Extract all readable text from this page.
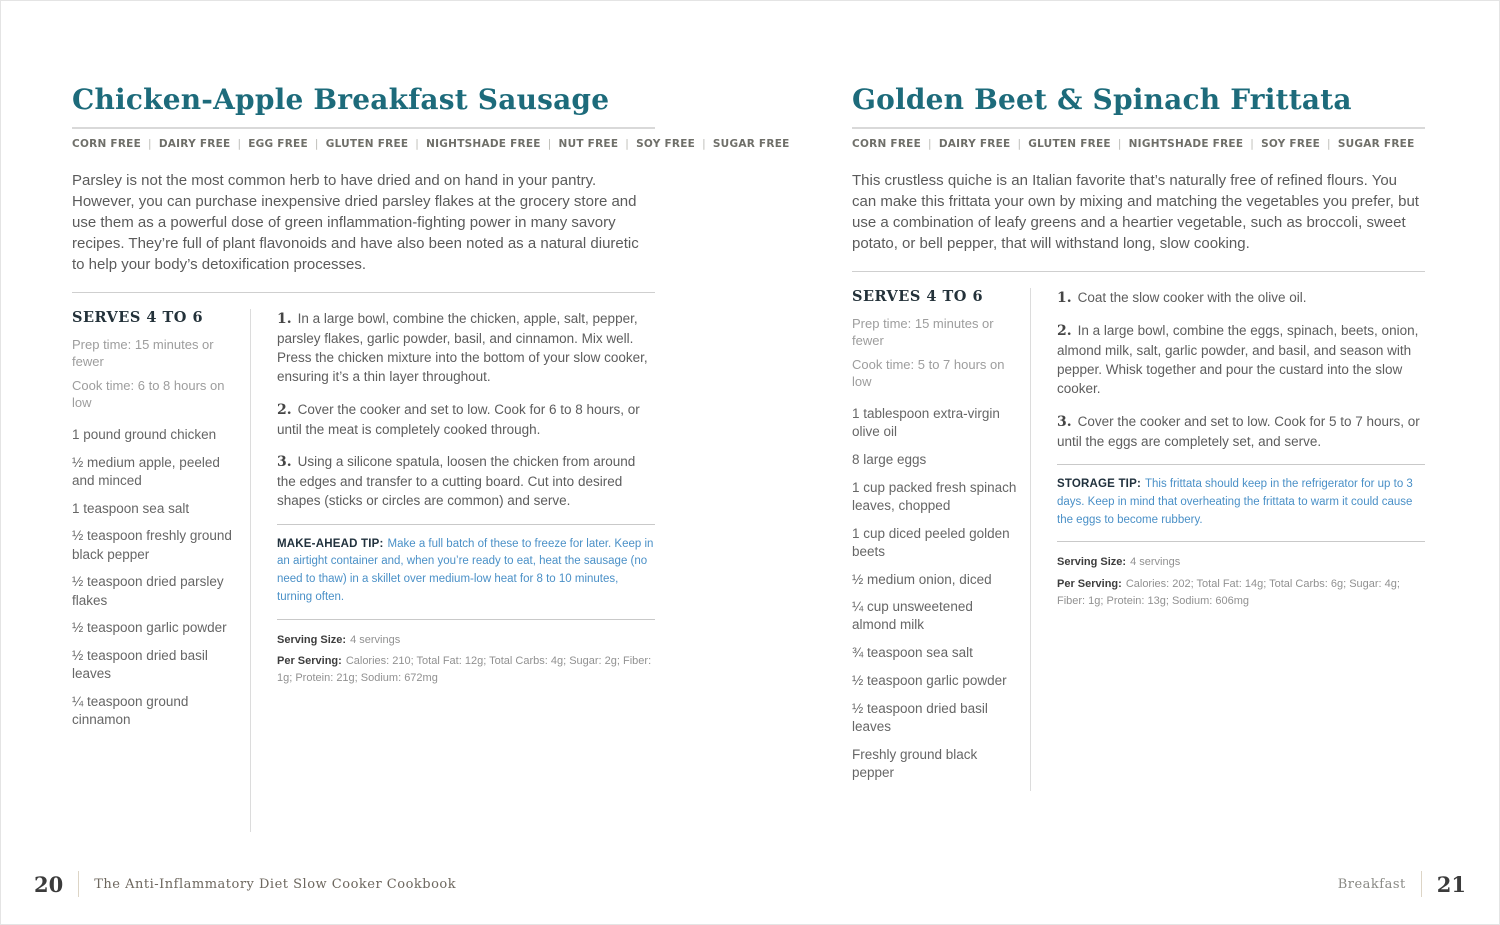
Chicken-Apple Breakfast Sausage

CORN FREE | DAIRY FREE | EGG FREE | GLUTEN FREE | NIGHTSHADE FREE | NUT FREE | SOY FREE | SUGAR FREE

Parsley is not the most common herb to have dried and on hand in your pantry. However, you can purchase inexpensive dried parsley flakes at the grocery store and use them as a powerful dose of green inflammation-fighting power in many savory recipes. They’re full of plant flavonoids and have also been noted as a natural diuretic to help your body’s detoxification processes.

SERVES 4 TO 6

Prep time: 15 minutes or fewer

Cook time: 6 to 8 hours on low

1 pound ground chicken

½ medium apple, peeled and minced

1 teaspoon sea salt

½ teaspoon freshly ground black pepper

½ teaspoon dried parsley flakes

½ teaspoon garlic powder

½ teaspoon dried basil leaves

¼ teaspoon ground cinnamon

1. In a large bowl, combine the chicken, apple, salt, pepper, parsley flakes, garlic powder, basil, and cinnamon. Mix well. Press the chicken mixture into the bottom of your slow cooker, ensuring it’s a thin layer throughout.

2. Cover the cooker and set to low. Cook for 6 to 8 hours, or until the meat is completely cooked through.

3. Using a silicone spatula, loosen the chicken from around the edges and transfer to a cutting board. Cut into desired shapes (sticks or circles are common) and serve.

MAKE-AHEAD TIP: Make a full batch of these to freeze for later. Keep in an airtight container and, when you’re ready to eat, heat the sausage (no need to thaw) in a skillet over medium-low heat for 8 to 10 minutes, turning often.

Serving Size: 4 servings

Per Serving: Calories: 210; Total Fat: 12g; Total Carbs: 4g; Sugar: 2g; Fiber: 1g; Protein: 21g; Sodium: 672mg

Golden Beet & Spinach Frittata

CORN FREE | DAIRY FREE | GLUTEN FREE | NIGHTSHADE FREE | SOY FREE | SUGAR FREE

This crustless quiche is an Italian favorite that’s naturally free of refined flours. You can make this frittata your own by mixing and matching the vegetables you prefer, but use a combination of leafy greens and a heartier vegetable, such as broccoli, sweet potato, or bell pepper, that will withstand long, slow cooking.

SERVES 4 TO 6

Prep time: 15 minutes or fewer

Cook time: 5 to 7 hours on low

1 tablespoon extra-virgin olive oil

8 large eggs

1 cup packed fresh spinach leaves, chopped

1 cup diced peeled golden beets

½ medium onion, diced

¼ cup unsweetened almond milk

¾ teaspoon sea salt

½ teaspoon garlic powder

½ teaspoon dried basil leaves

Freshly ground black pepper

1. Coat the slow cooker with the olive oil.

2. In a large bowl, combine the eggs, spinach, beets, onion, almond milk, salt, garlic powder, and basil, and season with pepper. Whisk together and pour the custard into the slow cooker.

3. Cover the cooker and set to low. Cook for 5 to 7 hours, or until the eggs are completely set, and serve.

STORAGE TIP: This frittata should keep in the refrigerator for up to 3 days. Keep in mind that overheating the frittata to warm it could cause the eggs to become rubbery.

Serving Size: 4 servings

Per Serving: Calories: 202; Total Fat: 14g; Total Carbs: 6g; Sugar: 4g; Fiber: 1g; Protein: 13g; Sodium: 606mg

20 The Anti-Inflammatory Diet Slow Cooker Cookbook	Breakfast 21
